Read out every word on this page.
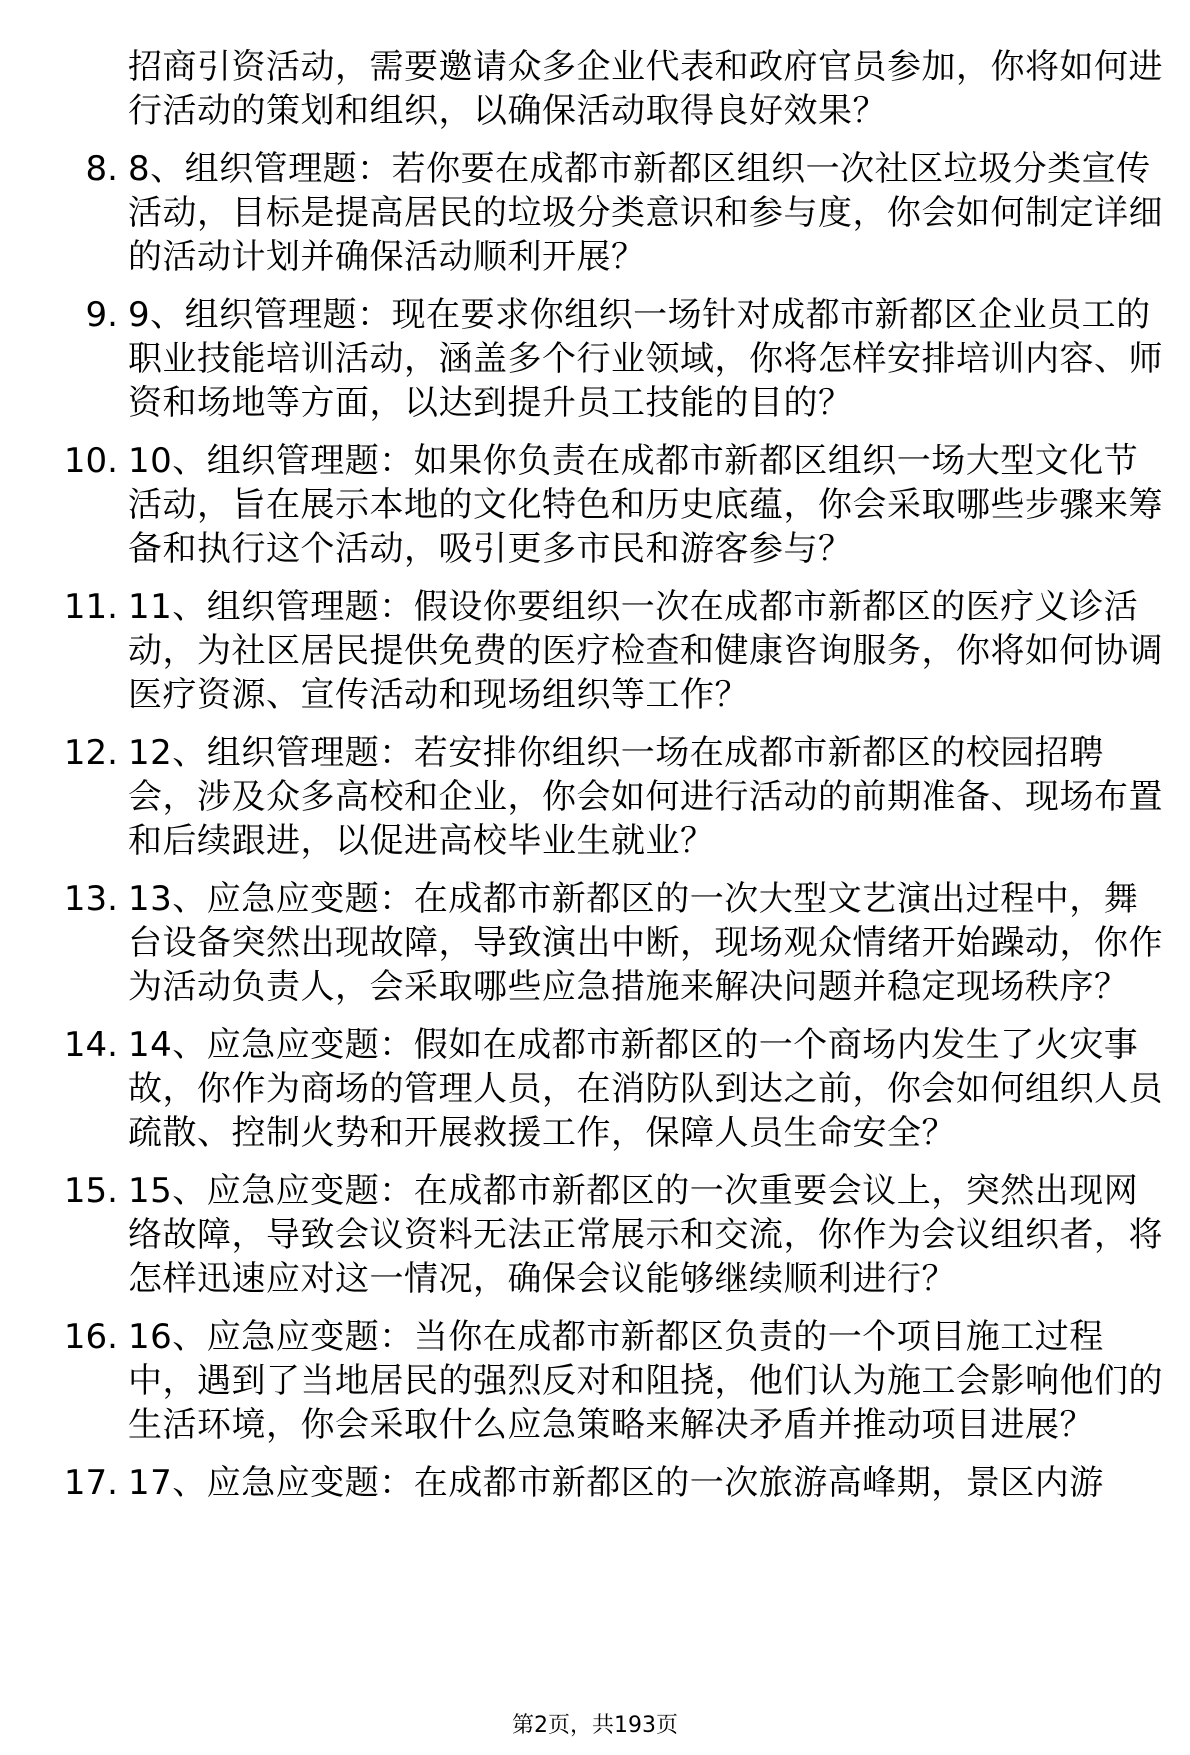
招商引资活动，需要邀请众多企业代表和政府官员参加，你将如何进行活动的策划和组织，以确保活动取得良好效果？
8. 8、组织管理题：若你要在成都市新都区组织一次社区垃圾分类宣传活动，目标是提高居民的垃圾分类意识和参与度，你会如何制定详细的活动计划并确保活动顺利开展？
9. 9、组织管理题：现在要求你组织一场针对成都市新都区企业员工的职业技能培训活动，涵盖多个行业领域，你将怎样安排培训内容、师资和场地等方面，以达到提升员工技能的目的？
10. 10、组织管理题：如果你负责在成都市新都区组织一场大型文化节活动，旨在展示本地的文化特色和历史底蕴，你会采取哪些步骤来筹备和执行这个活动，吸引更多市民和游客参与？
11. 11、组织管理题：假设你要组织一次在成都市新都区的医疗义诊活动，为社区居民提供免费的医疗检查和健康咨询服务，你将如何协调医疗资源、宣传活动和现场组织等工作？
12. 12、组织管理题：若安排你组织一场在成都市新都区的校园招聘会，涉及众多高校和企业，你会如何进行活动的前期准备、现场布置和后续跟进，以促进高校毕业生就业？
13. 13、应急应变题：在成都市新都区的一次大型文艺演出过程中，舞台设备突然出现故障，导致演出中断，现场观众情绪开始躁动，你作为活动负责人，会采取哪些应急措施来解决问题并稳定现场秩序？
14. 14、应急应变题：假如在成都市新都区的一个商场内发生了火灾事故，你作为商场的管理人员，在消防队到达之前，你会如何组织人员疏散、控制火势和开展救援工作，保障人员生命安全？
15. 15、应急应变题：在成都市新都区的一次重要会议上，突然出现网络故障，导致会议资料无法正常展示和交流，你作为会议组织者，将怎样迅速应对这一情况，确保会议能够继续顺利进行？
16. 16、应急应变题：当你在成都市新都区负责的一个项目施工过程中，遇到了当地居民的强烈反对和阻挠，他们认为施工会影响他们的生活环境，你会采取什么应急策略来解决矛盾并推动项目进展？
17. 17、应急应变题：在成都市新都区的一次旅游高峰期，景区内游
第2页，共193页
